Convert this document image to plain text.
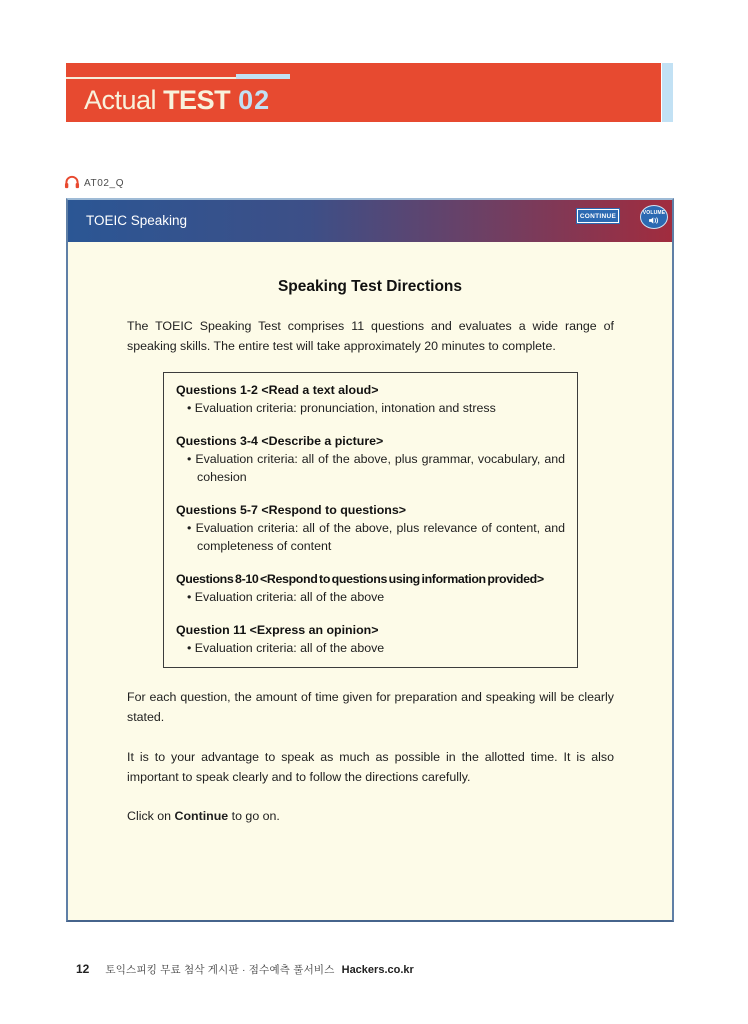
Actual TEST 02
AT02_Q
TOEIC Speaking	CONTINUE	VOLUME
Speaking Test Directions
The TOEIC Speaking Test comprises 11 questions and evaluates a wide range of speaking skills. The entire test will take approximately 20 minutes to complete.
Questions 1-2 <Read a text aloud>
• Evaluation criteria: pronunciation, intonation and stress
Questions 3-4 <Describe a picture>
• Evaluation criteria: all of the above, plus grammar, vocabulary, and cohesion
Questions 5-7 <Respond to questions>
• Evaluation criteria: all of the above, plus relevance of content, and completeness of content
Questions 8-10 <Respond to questions using information provided>
• Evaluation criteria: all of the above
Question 11 <Express an opinion>
• Evaluation criteria: all of the above
For each question, the amount of time given for preparation and speaking will be clearly stated.
It is to your advantage to speak as much as possible in the allotted time. It is also important to speak clearly and to follow the directions carefully.
Click on Continue to go on.
12 토익스피킹 무료 첨삭 게시판 · 점수예측 풀서비스 Hackers.co.kr
